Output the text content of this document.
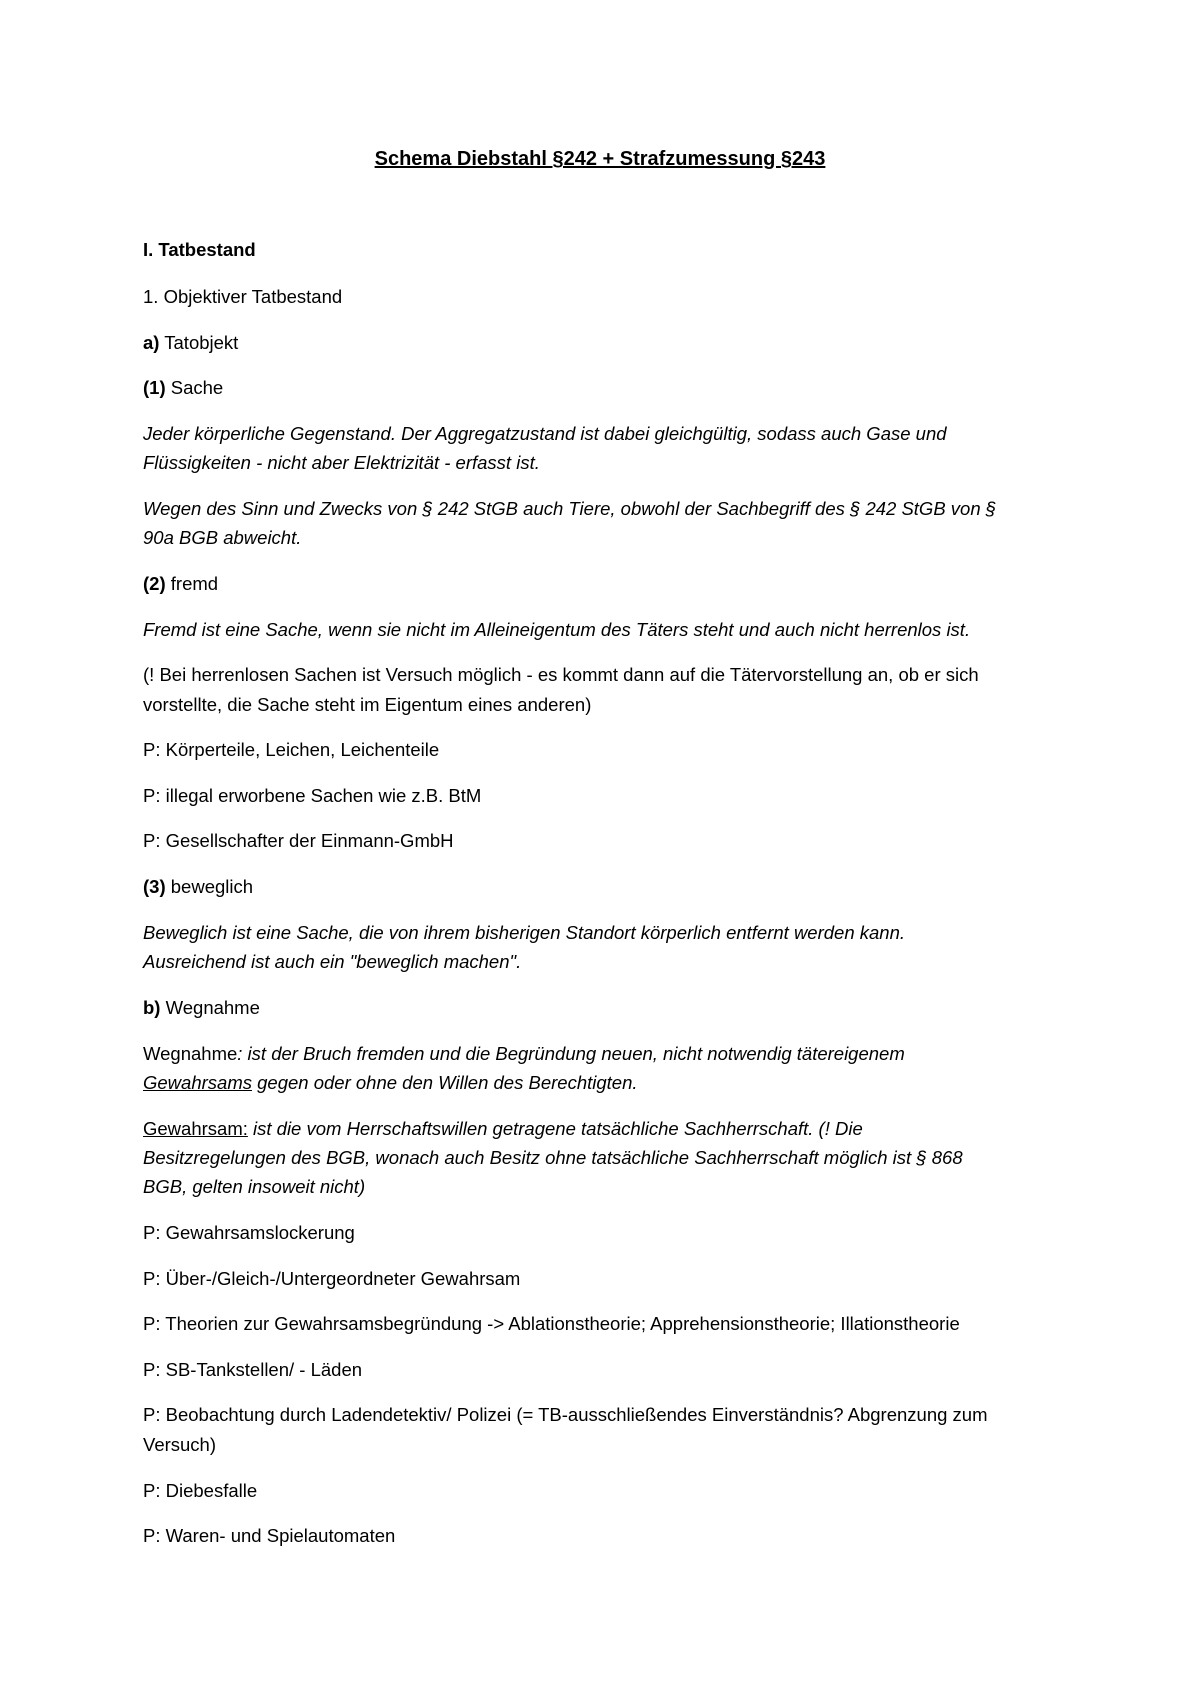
Schema Diebstahl §242 + Strafzumessung §243

I. Tatbestand

1. Objektiver Tatbestand

a) Tatobjekt

(1) Sache

Jeder körperliche Gegenstand. Der Aggregatzustand ist dabei gleichgültig, sodass auch Gase und

Flüssigkeiten - nicht aber Elektrizität - erfasst ist.

Wegen des Sinn und Zwecks von § 242 StGB auch Tiere, obwohl der Sachbegriff des § 242 StGB von §

90a BGB abweicht.

(2) fremd

Fremd ist eine Sache, wenn sie nicht im Alleineigentum des Täters steht und auch nicht herrenlos ist.

(! Bei herrenlosen Sachen ist Versuch möglich - es kommt dann auf die Tätervorstellung an, ob er sich

vorstellte, die Sache steht im Eigentum eines anderen)

P: Körperteile, Leichen, Leichenteile

P: illegal erworbene Sachen wie z.B. BtM

P: Gesellschafter der Einmann-GmbH

(3) beweglich

Beweglich ist eine Sache, die von ihrem bisherigen Standort körperlich entfernt werden kann.

Ausreichend ist auch ein "beweglich machen".

b) Wegnahme

Wegnahme: ist der Bruch fremden und die Begründung neuen, nicht notwendig tätereigenem

Gewahrsams gegen oder ohne den Willen des Berechtigten.

Gewahrsam: ist die vom Herrschaftswillen getragene tatsächliche Sachherrschaft. (! Die

Besitzregelungen des BGB, wonach auch Besitz ohne tatsächliche Sachherrschaft möglich ist § 868

BGB, gelten insoweit nicht)

P: Gewahrsamslockerung

P: Über-/Gleich-/Untergeordneter Gewahrsam

P: Theorien zur Gewahrsamsbegründung -> Ablationstheorie; Apprehensionstheorie; Illationstheorie

P: SB-Tankstellen/ - Läden

P: Beobachtung durch Ladendetektiv/ Polizei (= TB-ausschließendes Einverständnis? Abgrenzung zum

Versuch)

P: Diebesfalle

P: Waren- und Spielautomaten
